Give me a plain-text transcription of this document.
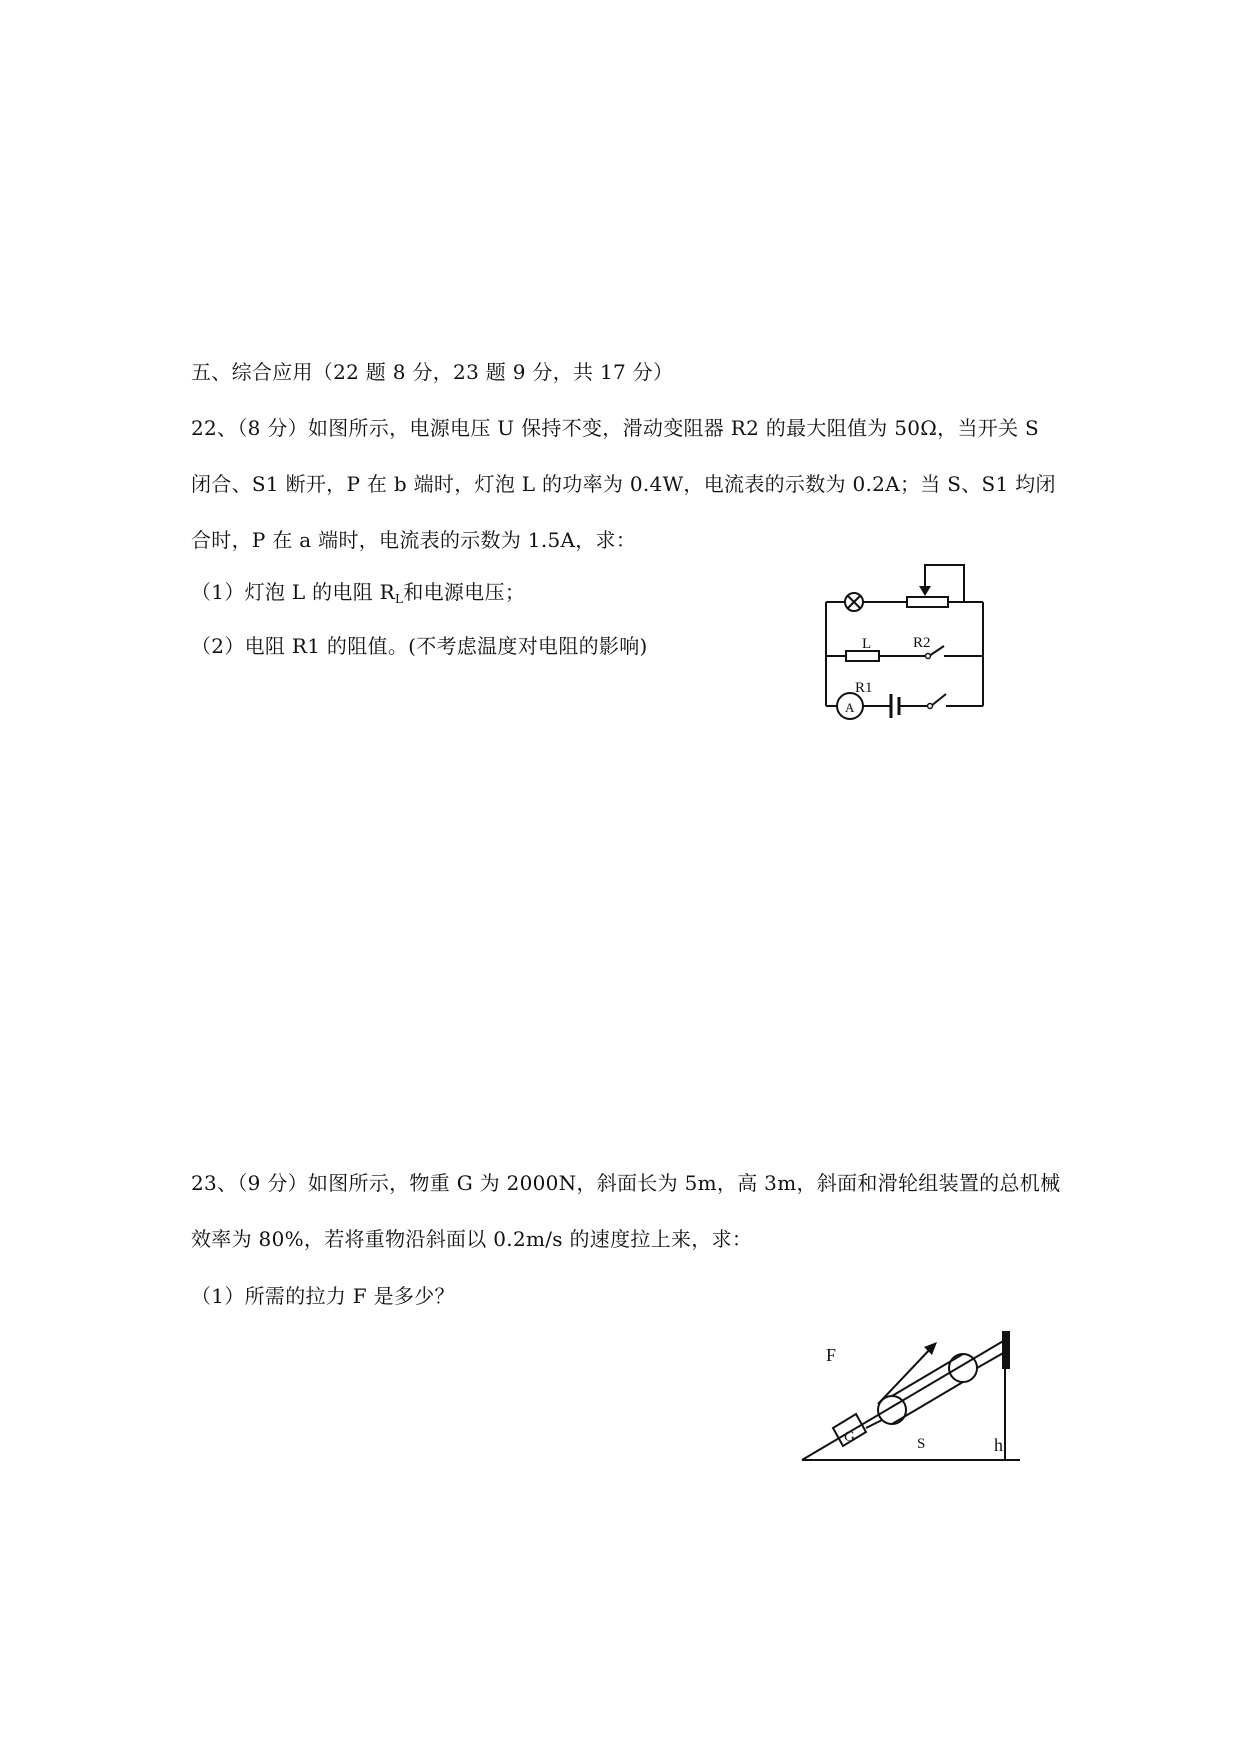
五、综合应用（22 题 8 分，23 题 9 分，共 17 分）
22、（8 分）如图所示，电源电压 U 保持不变，滑动变阻器 R2 的最大阻值为 50Ω，当开关 S
闭合、S1 断开，P 在 b 端时，灯泡 L 的功率为 0.4W，电流表的示数为 0.2A；当 S、S1 均闭
合时，P 在 a 端时，电流表的示数为 1.5A，求：
（1）灯泡 L 的电阻 $R_L$和电源电压；
（2）电阻 R1 的阻值。(不考虑温度对电阻的影响)	L	R2
R1
A
23、（9 分）如图所示，物重 G 为 2000N，斜面长为 5m，高 3m，斜面和滑轮组装置的总机械
效率为 80%，若将重物沿斜面以 0.2m/s 的速度拉上来，求：
（1）所需的拉力 F 是多少？
F
G	S	h
